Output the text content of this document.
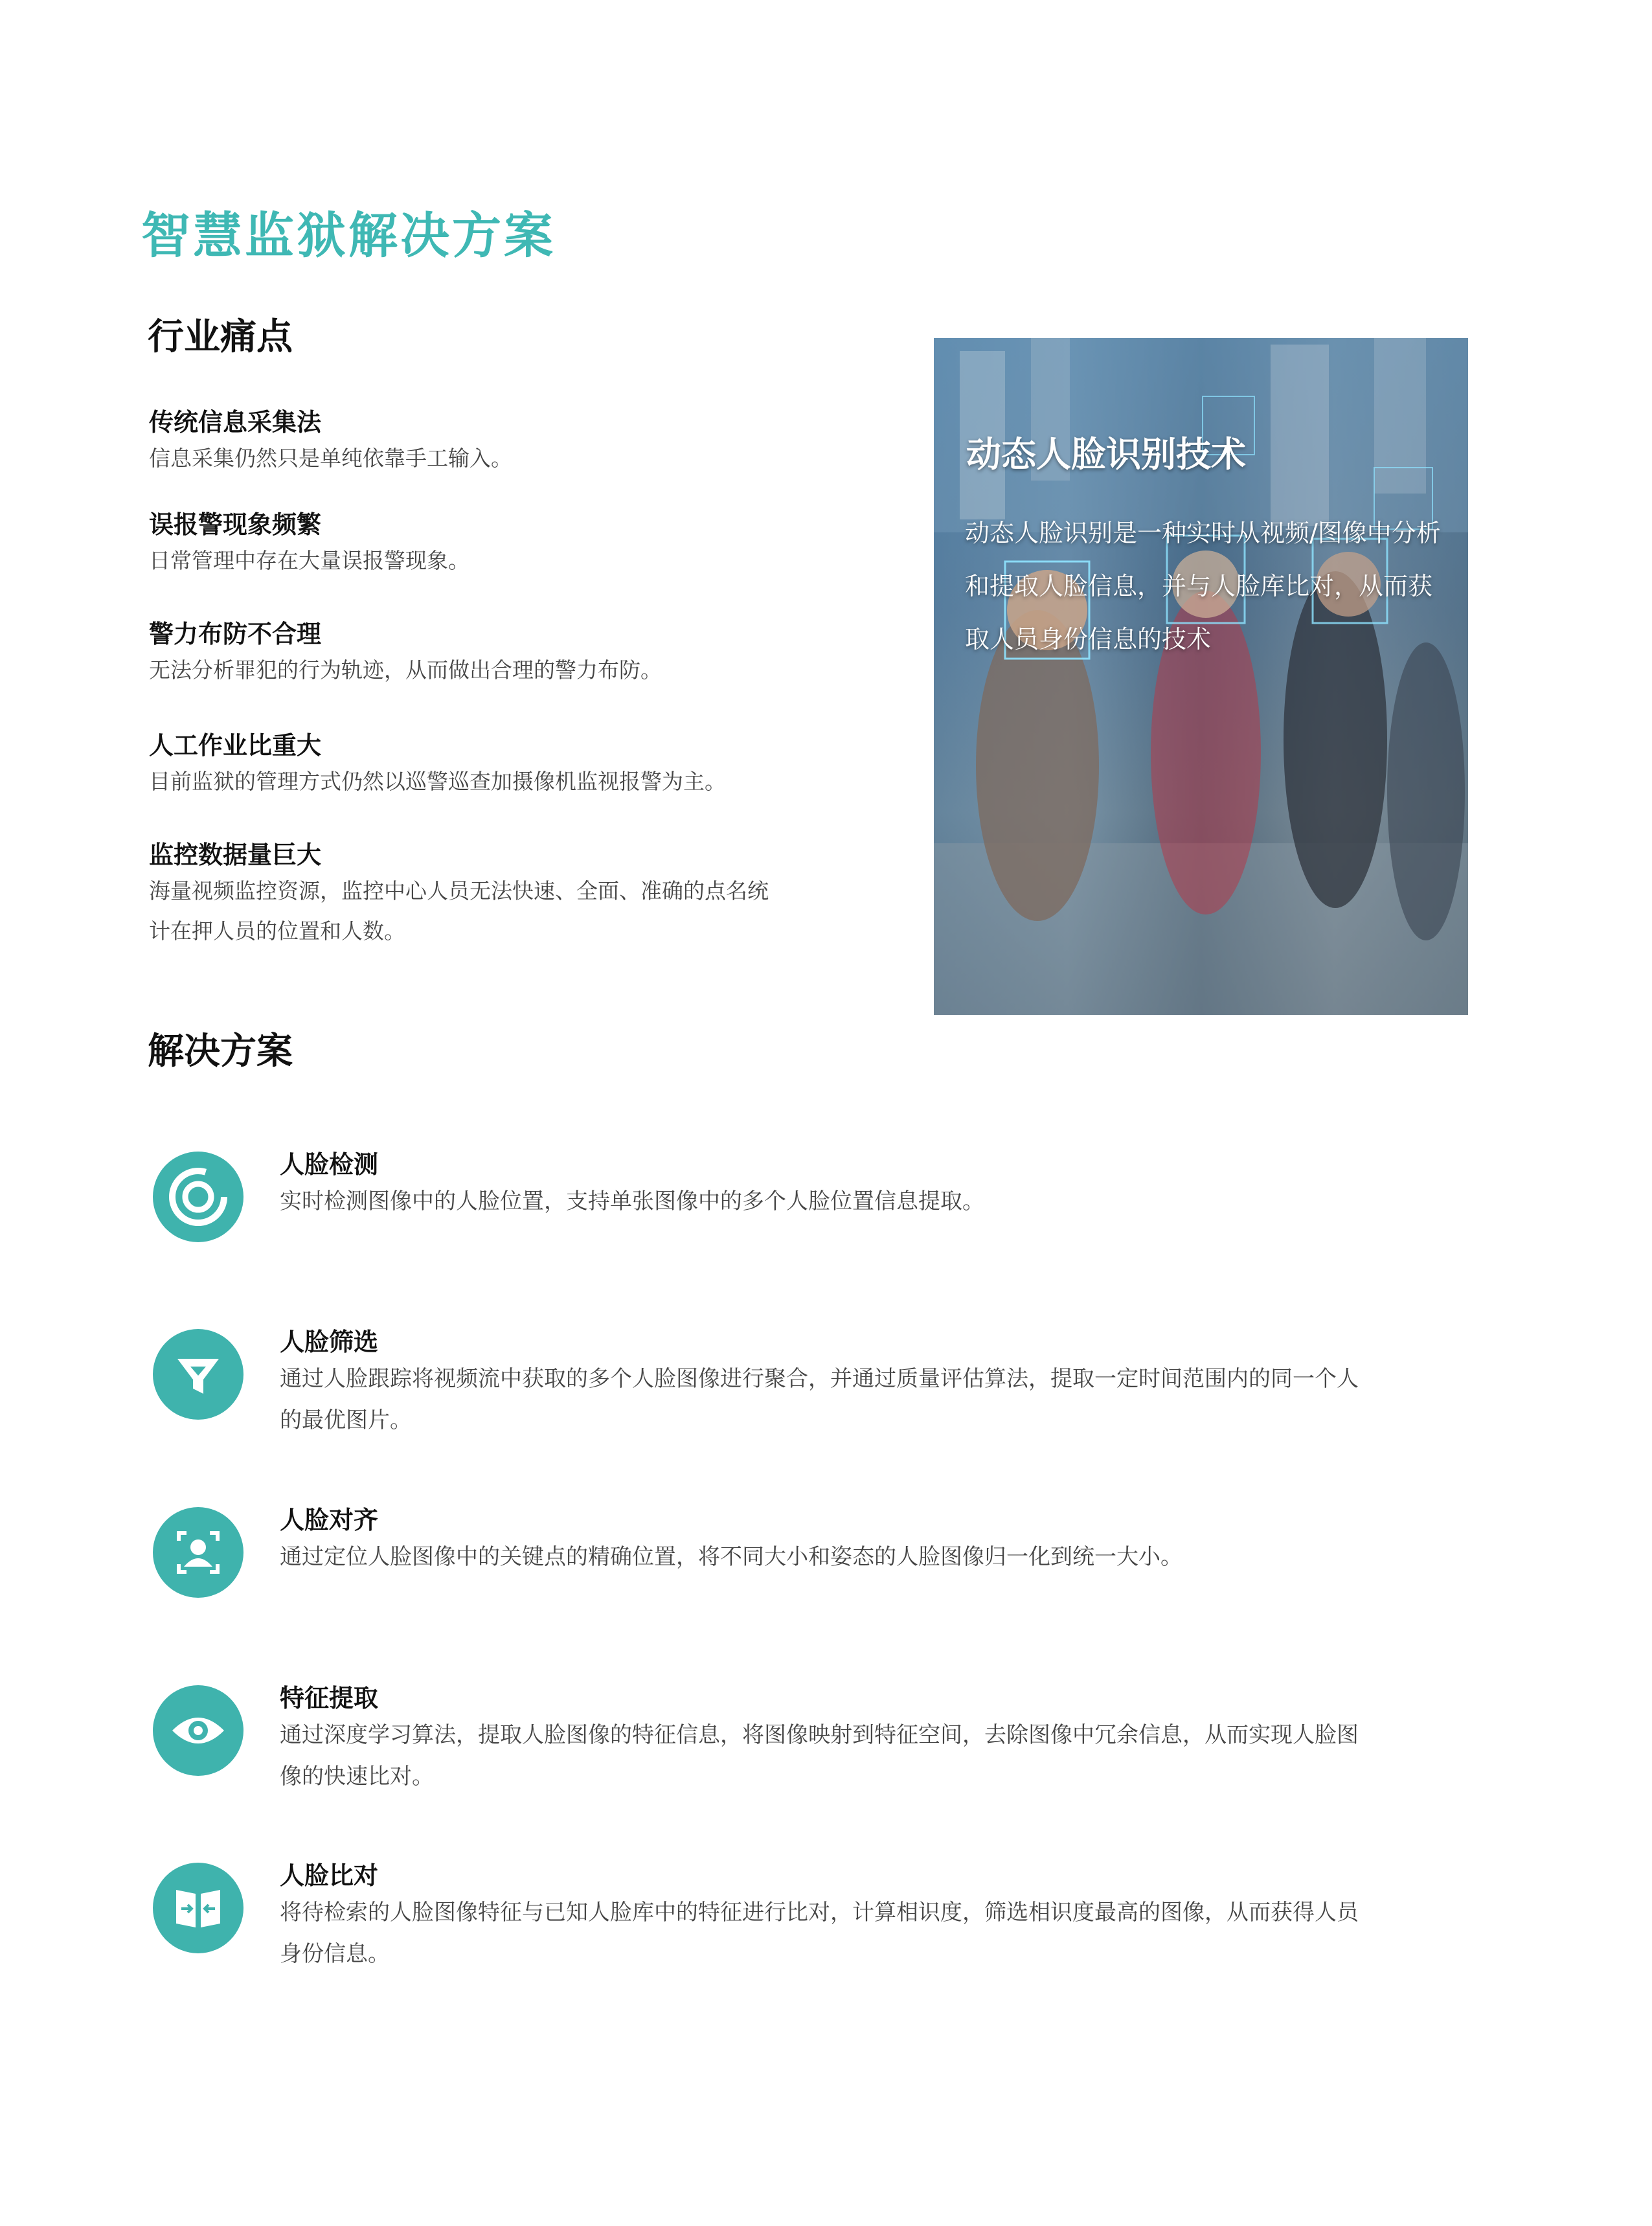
智慧监狱解决方案
行业痛点
传统信息采集法
信息采集仍然只是单纯依靠手工输入。
误报警现象频繁
日常管理中存在大量误报警现象。
警力布防不合理
无法分析罪犯的行为轨迹，从而做出合理的警力布防。
人工作业比重大
目前监狱的管理方式仍然以巡警巡查加摄像机监视报警为主。
监控数据量巨大
海量视频监控资源，监控中心人员无法快速、全面、准确的点名统计在押人员的位置和人数。
动态人脸识别技术

动态人脸识别是一种实时从视频/图像中分析和提取人脸信息，并与人脸库比对，从而获取人员身份信息的技术

解决方案
人脸检测
实时检测图像中的人脸位置，支持单张图像中的多个人脸位置信息提取。
人脸筛选
通过人脸跟踪将视频流中获取的多个人脸图像进行聚合，并通过质量评估算法，提取一定时间范围内的同一个人的最优图片。
人脸对齐
通过定位人脸图像中的关键点的精确位置，将不同大小和姿态的人脸图像归一化到统一大小。
特征提取
通过深度学习算法，提取人脸图像的特征信息，将图像映射到特征空间，去除图像中冗余信息，从而实现人脸图像的快速比对。
人脸比对
将待检索的人脸图像特征与已知人脸库中的特征进行比对，计算相识度，筛选相识度最高的图像，从而获得人员身份信息。
